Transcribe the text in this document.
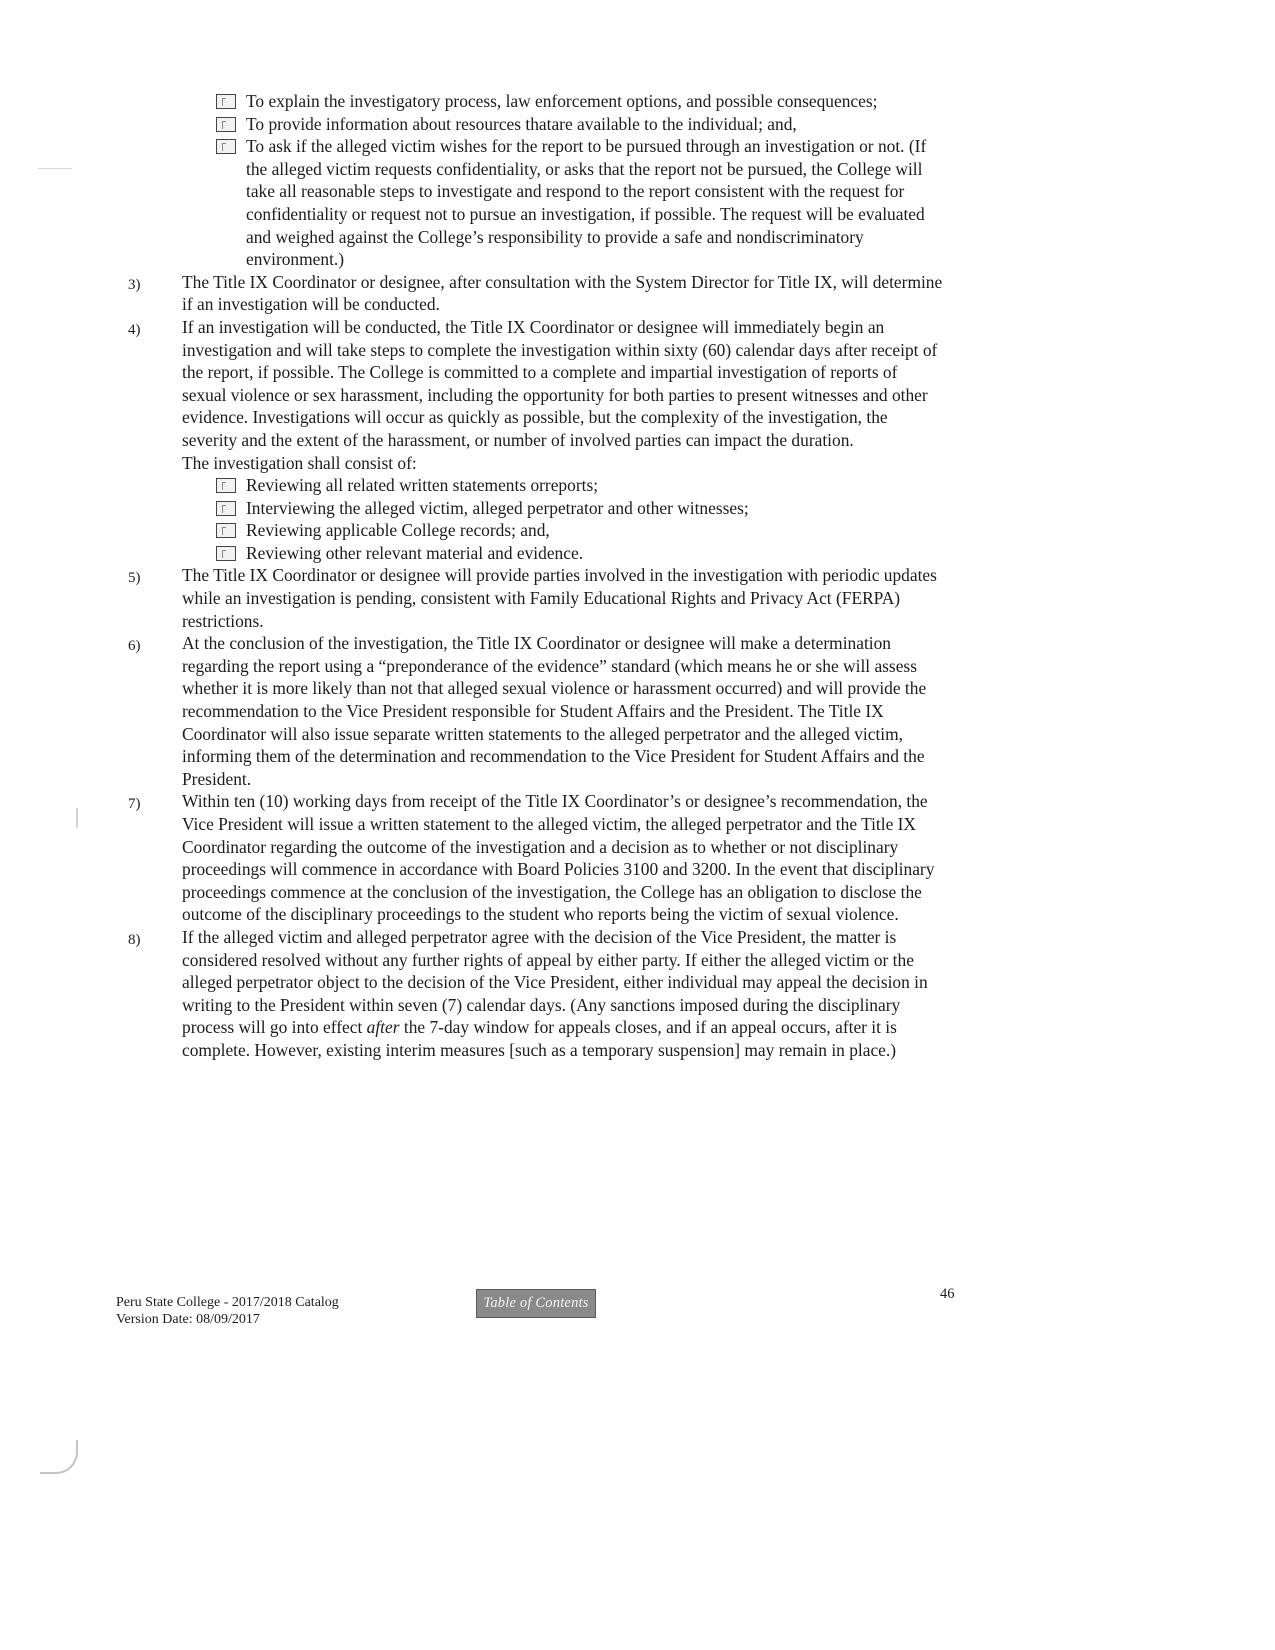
To explain the investigatory process, law enforcement options, and possible consequences;
To provide information about resources thatare available to the individual; and,
To ask if the alleged victim wishes for the report to be pursued through an investigation or not. (If the alleged victim requests confidentiality, or asks that the report not be pursued, the College will take all reasonable steps to investigate and respond to the report consistent with the request for confidentiality or request not to pursue an investigation, if possible. The request will be evaluated and weighed against the College’s responsibility to provide a safe and nondiscriminatory environment.)
3)	The Title IX Coordinator or designee, after consultation with the System Director for Title IX, will determine if an investigation will be conducted.
4)	If an investigation will be conducted, the Title IX Coordinator or designee will immediately begin an investigation and will take steps to complete the investigation within sixty (60) calendar days after receipt of the report, if possible. The College is committed to a complete and impartial investigation of reports of sexual violence or sex harassment, including the opportunity for both parties to present witnesses and other evidence. Investigations will occur as quickly as possible, but the complexity of the investigation, the severity and the extent of the harassment, or number of involved parties can impact the duration.
The investigation shall consist of:
Reviewing all related written statements orreports;
Interviewing the alleged victim, alleged perpetrator and other witnesses;
Reviewing applicable College records; and,
Reviewing other relevant material and evidence.
5)	The Title IX Coordinator or designee will provide parties involved in the investigation with periodic updates while an investigation is pending, consistent with Family Educational Rights and Privacy Act (FERPA) restrictions.
6)	At the conclusion of the investigation, the Title IX Coordinator or designee will make a determination regarding the report using a “preponderance of the evidence” standard (which means he or she will assess whether it is more likely than not that alleged sexual violence or harassment occurred) and will provide the recommendation to the Vice President responsible for Student Affairs and the President. The Title IX Coordinator will also issue separate written statements to the alleged perpetrator and the alleged victim, informing them of the determination and recommendation to the Vice President for Student Affairs and the President.
7)	Within ten (10) working days from receipt of the Title IX Coordinator’s or designee’s recommendation, the Vice President will issue a written statement to the alleged victim, the alleged perpetrator and the Title IX Coordinator regarding the outcome of the investigation and a decision as to whether or not disciplinary proceedings will commence in accordance with Board Policies 3100 and 3200. In the event that disciplinary proceedings commence at the conclusion of the investigation, the College has an obligation to disclose the outcome of the disciplinary proceedings to the student who reports being the victim of sexual violence.
8)	If the alleged victim and alleged perpetrator agree with the decision of the Vice President, the matter is considered resolved without any further rights of appeal by either party. If either the alleged victim or the alleged perpetrator object to the decision of the Vice President, either individual may appeal the decision in writing to the President within seven (7) calendar days. (Any sanctions imposed during the disciplinary process will go into effect after the 7-day window for appeals closes, and if an appeal occurs, after it is complete. However, existing interim measures [such as a temporary suspension] may remain in place.)
Peru State College - 2017/2018 Catalog
Version Date: 08/09/2017
Table of Contents
46
